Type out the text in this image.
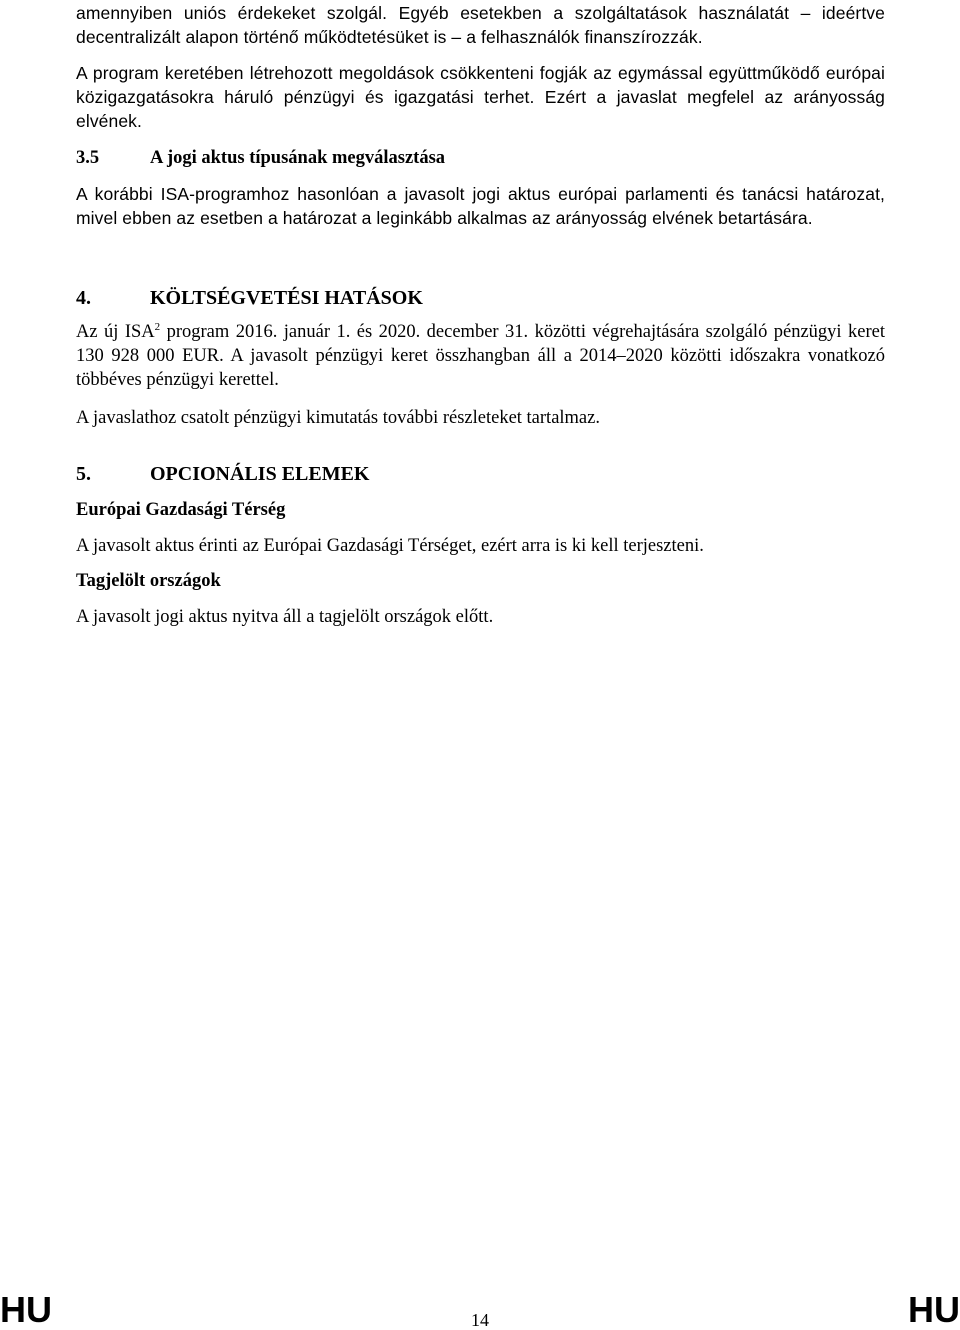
amennyiben uniós érdekeket szolgál. Egyéb esetekben a szolgáltatások használatát – ideértve decentralizált alapon történő működtetésüket is – a felhasználók finanszírozzák.

A program keretében létrehozott megoldások csökkenteni fogják az egymással együttműködő európai közigazgatásokra háruló pénzügyi és igazgatási terhet. Ezért a javaslat megfelel az arányosság elvének.

3.5	A jogi aktus típusának megválasztása

A korábbi ISA-programhoz hasonlóan a javasolt jogi aktus európai parlamenti és tanácsi határozat, mivel ebben az esetben a határozat a leginkább alkalmas az arányosság elvének betartására.

4.	KÖLTSÉGVETÉSI HATÁSOK

Az új ISA$^2$ program 2016. január 1. és 2020. december 31. közötti végrehajtására szolgáló pénzügyi keret 130 928 000 EUR. A javasolt pénzügyi keret összhangban áll a 2014–2020 közötti időszakra vonatkozó többéves pénzügyi kerettel.

A javaslathoz csatolt pénzügyi kimutatás további részleteket tartalmaz.

5.	OPCIONÁLIS ELEMEK

Európai Gazdasági Térség

A javasolt aktus érinti az Európai Gazdasági Térséget, ezért arra is ki kell terjeszteni.

Tagjelölt országok

A javasolt jogi aktus nyitva áll a tagjelölt országok előtt.

HU	14	HU
